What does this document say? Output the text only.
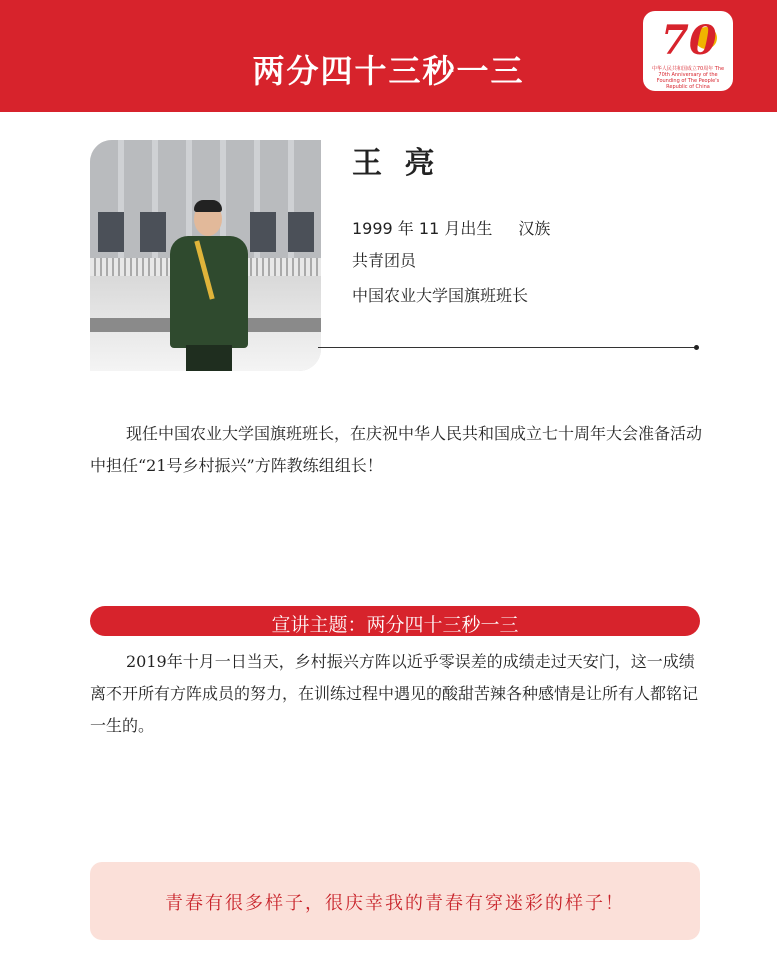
两分四十三秒一三
70
中华人民共和国成立70周年 The 70th Anniversary of the Founding of The People's Republic of China
王 亮
1999 年 11 月出生 汉族
共青团员
中国农业大学国旗班班长
现任中国农业大学国旗班班长，在庆祝中华人民共和国成立七十周年大会准备活动中担任“21号乡村振兴”方阵教练组组长！
宣讲主题：两分四十三秒一三
2019年十月一日当天，乡村振兴方阵以近乎零误差的成绩走过天安门，这一成绩离不开所有方阵成员的努力，在训练过程中遇见的酸甜苦辣各种感情是让所有人都铭记一生的。
青春有很多样子，很庆幸我的青春有穿迷彩的样子！
